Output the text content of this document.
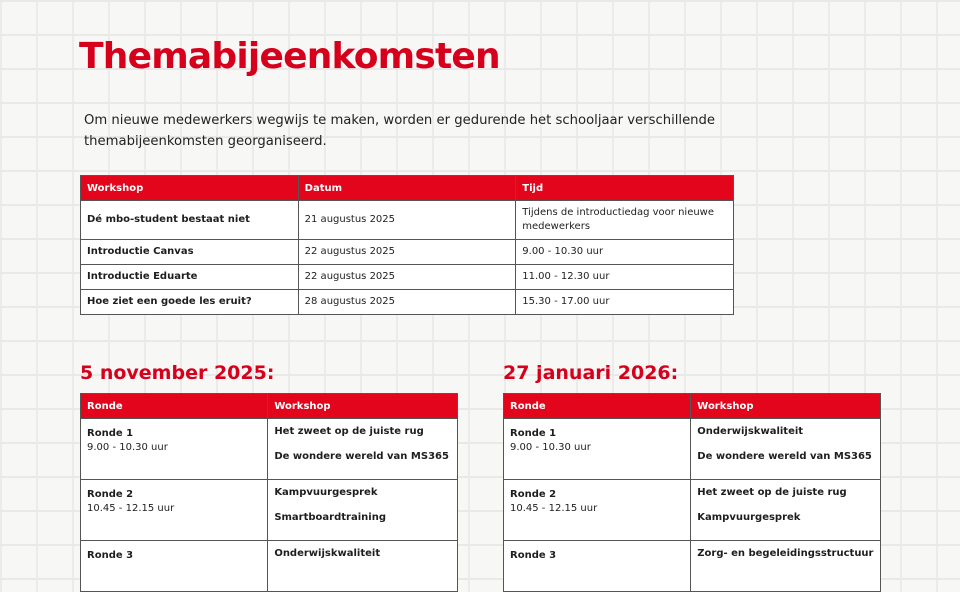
Themabijeenkomsten

Om nieuwe medewerkers wegwijs te maken, worden er gedurende het schooljaar verschillende themabijeenkomsten georganiseerd.

Workshop	Datum	Tijd
Dé mbo-student bestaat niet	21 augustus 2025	Tijdens de introductiedag voor nieuwe medewerkers
Introductie Canvas	22 augustus 2025	9.00 - 10.30 uur
Introductie Eduarte	22 augustus 2025	11.00 - 12.30 uur
Hoe ziet een goede les eruit?	28 augustus 2025	15.30 - 17.00 uur
5 november 2025:
Ronde	Workshop

Ronde 1
9.00 - 10.30 uur	Het zweet op de juiste rug
De wondere wereld van MS365

Ronde 2
10.45 - 12.15 uur	Kampvuurgesprek
Smartboardtraining

Ronde 3	Onderwijskwaliteit
27 januari 2026:
Ronde	Workshop

Ronde 1
9.00 - 10.30 uur	Onderwijskwaliteit
De wondere wereld van MS365

Ronde 2
10.45 - 12.15 uur	Het zweet op de juiste rug
Kampvuurgesprek

Ronde 3	Zorg- en begeleidingsstructuur
